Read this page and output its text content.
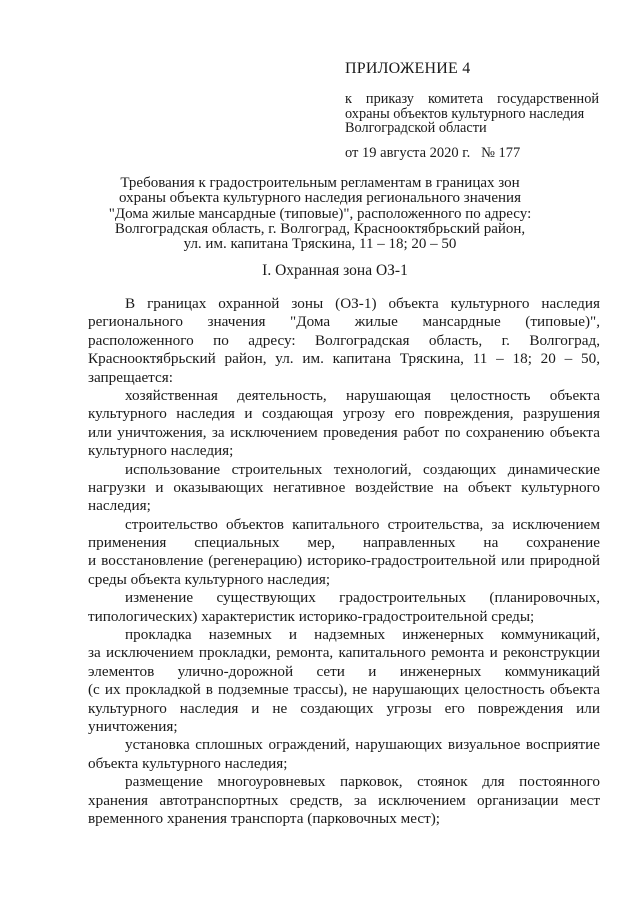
ПРИЛОЖЕНИЕ 4
к приказу комитета государственной
охраны объектов культурного наследия
Волгоградской области
от 19 августа 2020 г.   № 177
Требования к градостроительным регламентам в границах зон
охраны объекта культурного наследия регионального значения
"Дома жилые мансардные (типовые)", расположенного по адресу:
Волгоградская область, г. Волгоград, Краснооктябрьский район,
ул. им. капитана Тряскина, 11 – 18; 20 – 50
I. Охранная зона ОЗ-1
В границах охранной зоны (ОЗ-1) объекта культурного наследия
регионального значения "Дома жилые мансардные (типовые)",
расположенного по адресу: Волгоградская область, г. Волгоград,
Краснооктябрьский район, ул. им. капитана Тряскина, 11 – 18; 20 – 50,
запрещается:
хозяйственная деятельность, нарушающая целостность объекта
культурного наследия и создающая угрозу его повреждения, разрушения
или уничтожения, за исключением проведения работ по сохранению объекта
культурного наследия;
использование строительных технологий, создающих динамические
нагрузки и оказывающих негативное воздействие на объект культурного
наследия;
строительство объектов капитального строительства, за исключением
применения специальных мер, направленных на сохранение
и восстановление (регенерацию) историко-градостроительной или природной
среды объекта культурного наследия;
изменение существующих градостроительных (планировочных,
типологических) характеристик историко-градостроительной среды;
прокладка наземных и надземных инженерных коммуникаций,
за исключением прокладки, ремонта, капитального ремонта и реконструкции
элементов улично-дорожной сети и инженерных коммуникаций
(с их прокладкой в подземные трассы), не нарушающих целостность объекта
культурного наследия и не создающих угрозы его повреждения или
уничтожения;
установка сплошных ограждений, нарушающих визуальное восприятие
объекта культурного наследия;
размещение многоуровневых парковок, стоянок для постоянного
хранения автотранспортных средств, за исключением организации мест
временного хранения транспорта (парковочных мест);
